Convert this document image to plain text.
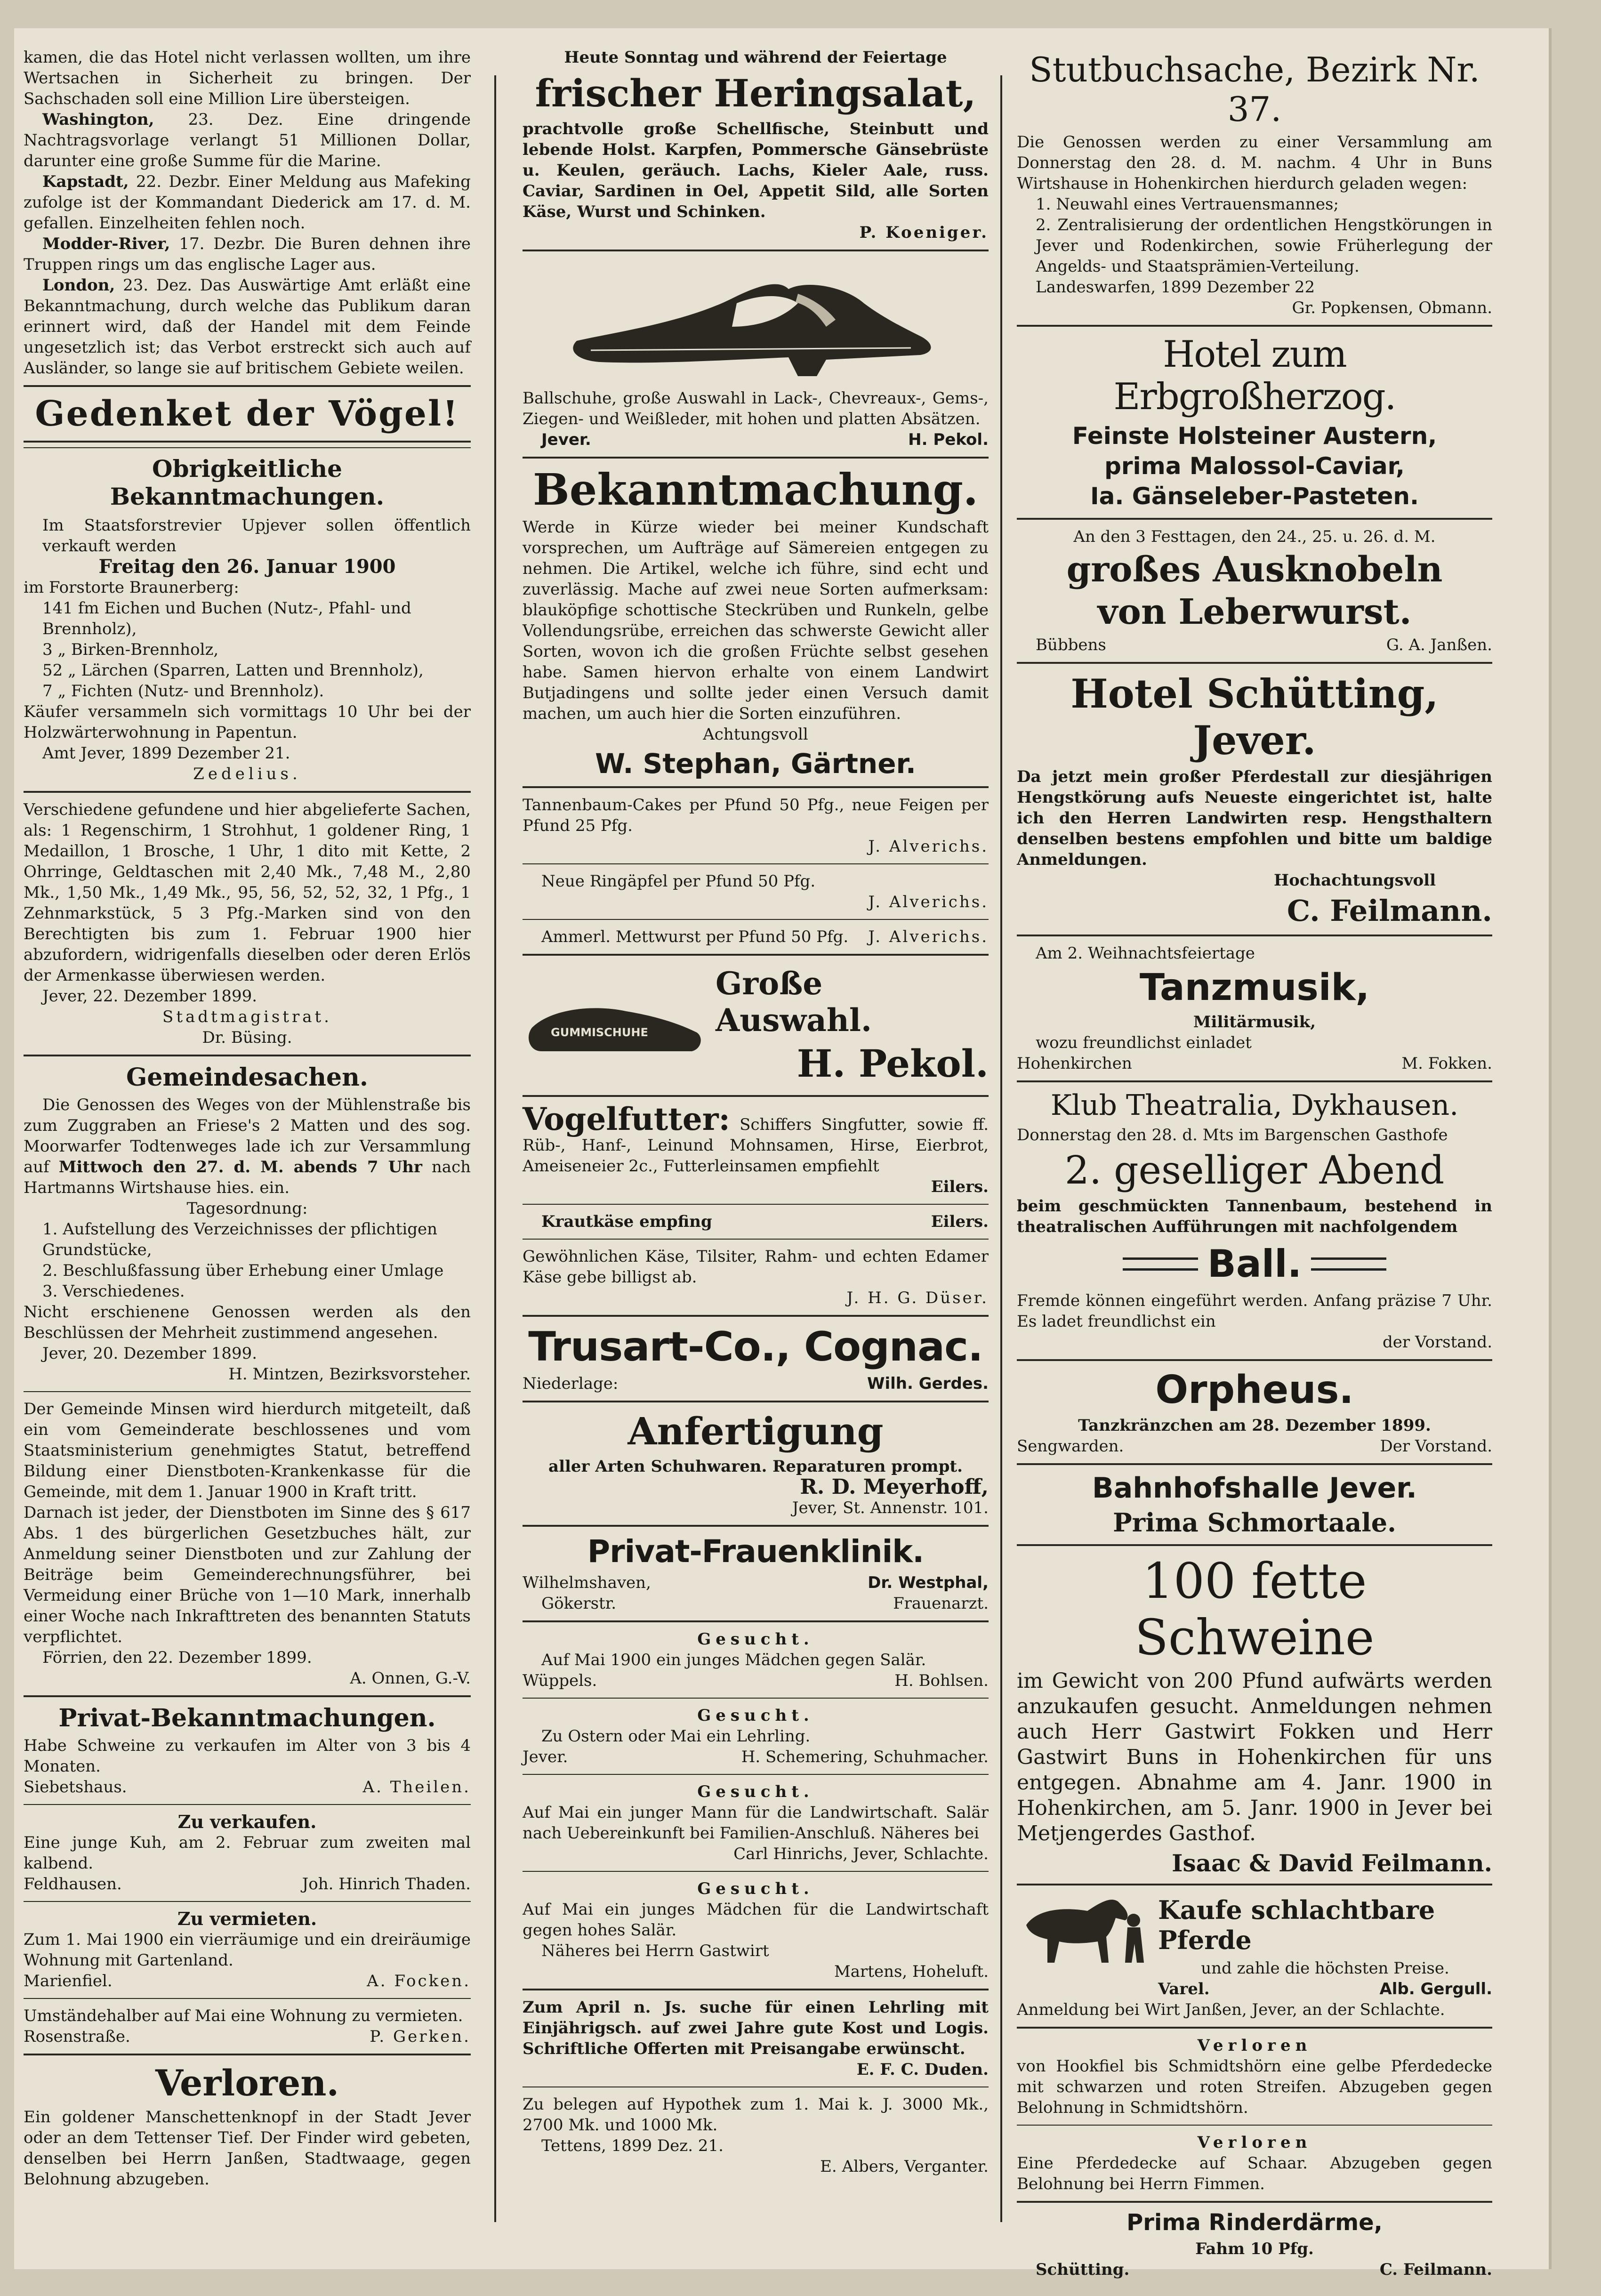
kamen, die das Hotel nicht verlassen wollten, um ihre Wertsachen in Sicherheit zu bringen. Der Sachschaden soll eine Million Lire übersteigen.

Washington, 23. Dez. Eine dringende Nachtragsvorlage verlangt 51 Millionen Dollar, darunter eine große Summe für die Marine.

Kapstadt, 22. Dezbr. Einer Meldung aus Mafeking zufolge ist der Kommandant Diederick am 17. d. M. gefallen. Einzelheiten fehlen noch.

Modder-River, 17. Dezbr. Die Buren dehnen ihre Truppen rings um das englische Lager aus.

London, 23. Dez. Das Auswärtige Amt erläßt eine Bekanntmachung, durch welche das Publikum daran erinnert wird, daß der Handel mit dem Feinde ungesetzlich ist; das Verbot erstreckt sich auch auf Ausländer, so lange sie auf britischem Gebiete weilen.

Gedenket der Vögel!
Obrigkeitliche Bekanntmachungen.

Im Staatsforstrevier Upjever sollen öffentlich verkauft werden

Freitag den 26. Januar 1900

im Forstorte Braunerberg:

141 fm Eichen und Buchen (Nutz-, Pfahl- und Brennholz),

3 „ Birken-Brennholz,

52 „ Lärchen (Sparren, Latten und Brennholz),

7 „ Fichten (Nutz- und Brennholz).

Käufer versammeln sich vormittags 10 Uhr bei der Holzwärterwohnung in Papentun.

Amt Jever, 1899 Dezember 21.

Zedelius.

Verschiedene gefundene und hier abgelieferte Sachen, als: 1 Regenschirm, 1 Strohhut, 1 goldener Ring, 1 Medaillon, 1 Brosche, 1 Uhr, 1 dito mit Kette, 2 Ohrringe, Geldtaschen mit 2,40 Mk., 7,48 M., 2,80 Mk., 1,50 Mk., 1,49 Mk., 95, 56, 52, 52, 32, 1 Pfg., 1 Zehnmarkstück, 5 3 Pfg.-Marken sind von den Berechtigten bis zum 1. Februar 1900 hier abzufordern, widrigenfalls dieselben oder deren Erlös der Armenkasse überwiesen werden.

Jever, 22. Dezember 1899.

Stadtmagistrat.

Dr. Büsing.

Gemeindesachen.

Die Genossen des Weges von der Mühlenstraße bis zum Zuggraben an Friese's 2 Matten und des sog. Moorwarfer Todtenweges lade ich zur Versammlung auf Mittwoch den 27. d. M. abends 7 Uhr nach Hartmanns Wirtshause hies. ein.

Tagesordnung:

1. Aufstellung des Verzeichnisses der pflichtigen Grundstücke,

2. Beschlußfassung über Erhebung einer Umlage

3. Verschiedenes.

Nicht erschienene Genossen werden als den Beschlüssen der Mehrheit zustimmend angesehen.

Jever, 20. Dezember 1899.

H. Mintzen, Bezirksvorsteher.

Der Gemeinde Minsen wird hierdurch mitgeteilt, daß ein vom Gemeinderate beschlossenes und vom Staatsministerium genehmigtes Statut, betreffend Bildung einer Dienstboten-Krankenkasse für die Gemeinde, mit dem 1. Januar 1900 in Kraft tritt.

Darnach ist jeder, der Dienstboten im Sinne des § 617 Abs. 1 des bürgerlichen Gesetzbuches hält, zur Anmeldung seiner Dienstboten und zur Zahlung der Beiträge beim Gemeinderechnungsführer, bei Vermeidung einer Brüche von 1—10 Mark, innerhalb einer Woche nach Inkrafttreten des benannten Statuts verpflichtet.

Förrien, den 22. Dezember 1899.

A. Onnen, G.-V.

Privat-Bekanntmachungen.

Habe Schweine zu verkaufen im Alter von 3 bis 4 Monaten.

Siebetshaus.	A. Theilen.

Zu verkaufen.

Eine junge Kuh, am 2. Februar zum zweiten mal kalbend.

Feldhausen.	Joh. Hinrich Thaden.

Zu vermieten.

Zum 1. Mai 1900 ein vierräumige und ein dreiräumige Wohnung mit Gartenland.

Marienfiel.	A. Focken.

Umständehalber auf Mai eine Wohnung zu vermieten.

Rosenstraße.	P. Gerken.
Verloren.

Ein goldener Manschettenknopf in der Stadt Jever oder an dem Tettenser Tief. Der Finder wird gebeten, denselben bei Herrn Janßen, Stadtwaage, gegen Belohnung abzugeben.

Heute Sonntag und während der Feiertage

frischer Heringsalat,

prachtvolle große Schellfische, Steinbutt und lebende Holst. Karpfen, Pommersche Gänsebrüste u. Keulen, geräuch. Lachs, Kieler Aale, russ. Caviar, Sardinen in Oel, Appetit Sild, alle Sorten Käse, Wurst und Schinken.

P. Koeniger.

Ballschuhe, große Auswahl in Lack-, Chevreaux-, Gems-, Ziegen- und Weißleder, mit hohen und platten Absätzen.

Jever.	H. Pekol.
Bekanntmachung.

Werde in Kürze wieder bei meiner Kundschaft vorsprechen, um Aufträge auf Sämereien entgegen zu nehmen. Die Artikel, welche ich führe, sind echt und zuverlässig. Mache auf zwei neue Sorten aufmerksam: blauköpfige schottische Steckrüben und Runkeln, gelbe Vollendungsrübe, erreichen das schwerste Gewicht aller Sorten, wovon ich die großen Früchte selbst gesehen habe. Samen hiervon erhalte von einem Landwirt Butjadingens und sollte jeder einen Versuch damit machen, um auch hier die Sorten einzuführen.

Achtungsvoll

W. Stephan, Gärtner.

Tannenbaum-Cakes per Pfund 50 Pfg., neue Feigen per Pfund 25 Pfg.

J. Alverichs.

Neue Ringäpfel per Pfund 50 Pfg.

J. Alverichs.

Ammerl. Mettwurst per Pfund 50 Pfg. J. Alverichs.
GUMMISCHUHE
Große Auswahl.
H. Pekol.

Vogelfutter: Schiffers Singfutter, sowie ff. Rüb-, Hanf-, Leinund Mohnsamen, Hirse, Eierbrot, Ameiseneier 2c., Futterleinsamen empfiehlt

Eilers.

Krautkäse empfing	Eilers.

Gewöhnlichen Käse, Tilsiter, Rahm- und echten Edamer Käse gebe billigst ab.

J. H. G. Düser.

Trusart-Co., Cognac.
Niederlage:	Wilh. Gerdes.
Anfertigung

aller Arten Schuhwaren. Reparaturen prompt.

R. D. Meyerhoff,

Jever, St. Annenstr. 101.

Privat-Frauenklinik.
Wilhelmshaven,	Dr. Westphal,
Gökerstr.	Frauenarzt.

Gesucht.

Auf Mai 1900 ein junges Mädchen gegen Salär.

Wüppels.	H. Bohlsen.

Gesucht.

Zu Ostern oder Mai ein Lehrling.

Jever.	H. Schemering, Schuhmacher.

Gesucht.

Auf Mai ein junger Mann für die Landwirtschaft. Salär nach Uebereinkunft bei Familien-Anschluß. Näheres bei

Carl Hinrichs, Jever, Schlachte.

Gesucht.

Auf Mai ein junges Mädchen für die Landwirtschaft gegen hohes Salär.

Näheres bei Herrn Gastwirt

Martens, Hoheluft.

Zum April n. Js. suche für einen Lehrling mit Einjährigsch. auf zwei Jahre gute Kost und Logis. Schriftliche Offerten mit Preisangabe erwünscht.

E. F. C. Duden.

Zu belegen auf Hypothek zum 1. Mai k. J. 3000 Mk., 2700 Mk. und 1000 Mk.

Tettens, 1899 Dez. 21.

E. Albers, Verganter.

Stutbuchsache, Bezirk Nr. 37.

Die Genossen werden zu einer Versammlung am Donnerstag den 28. d. M. nachm. 4 Uhr in Buns Wirtshause in Hohenkirchen hierdurch geladen wegen:

1. Neuwahl eines Vertrauensmannes;

2. Zentralisierung der ordentlichen Hengstkörungen in Jever und Rodenkirchen, sowie Früherlegung der Angelds- und Staatsprämien-Verteilung.

Landeswarfen, 1899 Dezember 22

Gr. Popkensen, Obmann.

Hotel zum Erbgroßherzog.

Feinste Holsteiner Austern,

prima Malossol-Caviar,

Ia. Gänseleber-Pasteten.

An den 3 Festtagen, den 24., 25. u. 26. d. M.

großes Ausknobeln
von Leberwurst.
Bübbens	G. A. Janßen.
Hotel Schütting, Jever.

Da jetzt mein großer Pferdestall zur diesjährigen Hengstkörung aufs Neueste eingerichtet ist, halte ich den Herren Landwirten resp. Hengsthaltern denselben bestens empfohlen und bitte um baldige Anmeldungen.

Hochachtungsvoll

C. Feilmann.

Am 2. Weihnachtsfeiertage

Tanzmusik,

Militärmusik,

wozu freundlichst einladet

Hohenkirchen	M. Fokken.
Klub Theatralia, Dykhausen.

Donnerstag den 28. d. Mts im Bargenschen Gasthofe

2. geselliger Abend

beim geschmückten Tannenbaum, bestehend in theatralischen Aufführungen mit nachfolgendem

Ball.

Fremde können eingeführt werden. Anfang präzise 7 Uhr. Es ladet freundlichst ein

der Vorstand.

Orpheus.

Tanzkränzchen am 28. Dezember 1899.

Sengwarden.	Der Vorstand.
Bahnhofshalle Jever.
Prima Schmortaale.
100 fette Schweine

im Gewicht von 200 Pfund aufwärts werden anzukaufen gesucht. Anmeldungen nehmen auch Herr Gastwirt Fokken und Herr Gastwirt Buns in Hohenkirchen für uns entgegen. Abnahme am 4. Janr. 1900 in Hohenkirchen, am 5. Janr. 1900 in Jever bei Metjengerdes Gasthof.

Isaac & David Feilmann.
Kaufe schlachtbare Pferde

und zahle die höchsten Preise.

Varel.	Alb. Gergull.

Anmeldung bei Wirt Janßen, Jever, an der Schlachte.

Verloren

von Hookfiel bis Schmidtshörn eine gelbe Pferdedecke mit schwarzen und roten Streifen. Abzugeben gegen Belohnung in Schmidtshörn.

Verloren

Eine Pferdedecke auf Schaar. Abzugeben gegen Belohnung bei Herrn Fimmen.

Prima Rinderdärme,

Fahm 10 Pfg.

Schütting.	C. Feilmann.
